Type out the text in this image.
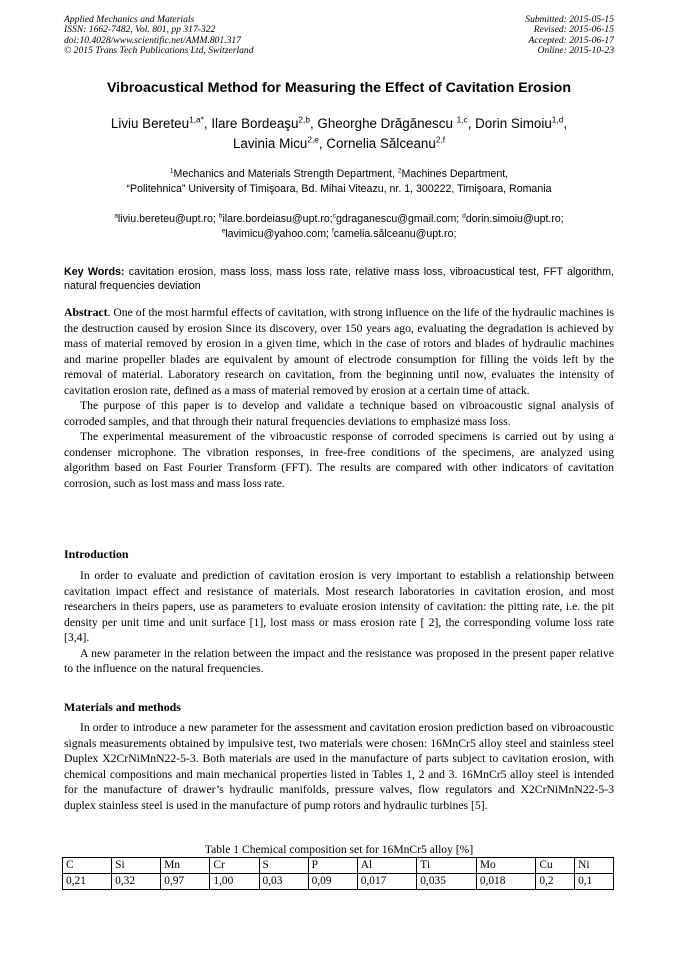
Applied Mechanics and Materials
ISSN: 1662-7482, Vol. 801, pp 317-322
doi:10.4028/www.scientific.net/AMM.801.317
© 2015 Trans Tech Publications Ltd, Switzerland
Submitted: 2015-05-15
Revised: 2015-06-15
Accepted: 2015-06-17
Online: 2015-10-23
Vibroacustical Method for Measuring the Effect of Cavitation Erosion
Liviu Bereteu$^{1,a*}$, Ilare Bordeaşu$^{2,b}$, Gheorghe Drăgănescu $^{1,c}$, Dorin Simoiu$^{1,d}$,
Lavinia Micu$^{2,e}$, Cornelia Sălceanu$^{2,f}$
$^1$Mechanics and Materials Strength Department, $^2$Machines Department,
“Politehnica” University of Timişoara, Bd. Mihai Viteazu, nr. 1, 300222, Timişoara, Romania
$^a$liviu.bereteu@upt.ro; $^b$ilare.bordeiasu@upt.ro;$^c$gdraganescu@gmail.com; $^d$dorin.simoiu@upt.ro;
$^e$lavimicu@yahoo.com; $^f$camelia.sălceanu@upt.ro;
Key Words: cavitation erosion, mass loss, mass loss rate, relative mass loss, vibroacustical test, FFT algorithm, natural frequencies deviation

Abstract. One of the most harmful effects of cavitation, with strong influence on the life of the hydraulic machines is the destruction caused by erosion Since its discovery, over 150 years ago, evaluating the degradation is achieved by mass of material removed by erosion in a given time, which in the case of rotors and blades of hydraulic machines and marine propeller blades are equivalent by amount of electrode consumption for filling the voids left by the removal of material. Laboratory research on cavitation, from the beginning until now, evaluates the intensity of cavitation erosion rate, defined as a mass of material removed by erosion at a certain time of attack.

The purpose of this paper is to develop and validate a technique based on vibroacoustic signal analysis of corroded samples, and that through their natural frequencies deviations to emphasize mass loss.

The experimental measurement of the vibroacustic response of corroded specimens is carried out by using a condenser microphone. The vibration responses, in free-free conditions of the specimens, are analyzed using algorithm based on Fast Fourier Transform (FFT). The results are compared with other indicators of cavitation corrosion, such as lost mass and mass loss rate.

Introduction

In order to evaluate and prediction of cavitation erosion is very important to establish a relationship between cavitation impact effect and resistance of materials. Most research laboratories in cavitation erosion, and most researchers in theirs papers, use as parameters to evaluate erosion intensity of cavitation: the pitting rate, i.e. the pit density per unit time and unit surface [1], lost mass or mass erosion rate [ 2], the corresponding volume loss rate [3,4].

A new parameter in the relation between the impact and the resistance was proposed in the present paper relative to the influence on the natural frequencies.

Materials and methods

In order to introduce a new parameter for the assessment and cavitation erosion prediction based on vibroacoustic signals measurements obtained by impulsive test, two materials were chosen: 16MnCr5 alloy steel and stainless steel Duplex X2CrNiMnN22-5-3. Both materials are used in the manufacture of parts subject to cavitation erosion, with chemical compositions and main mechanical properties listed in Tables 1, 2 and 3. 16MnCr5 alloy steel is intended for the manufacture of drawer’s hydraulic manifolds, pressure valves, flow regulators and X2CrNiMnN22-5-3 duplex stainless steel is used in the manufacture of pump rotors and hydraulic turbines [5].

Table 1 Chemical composition set for 16MnCr5 alloy [%]
C	Si	Mn	Cr	S	P	Al	Ti	Mo	Cu	Ni
0,21	0,32	0,97	1,00	0,03	0,09	0,017	0,035	0,018	0,2	0,1
